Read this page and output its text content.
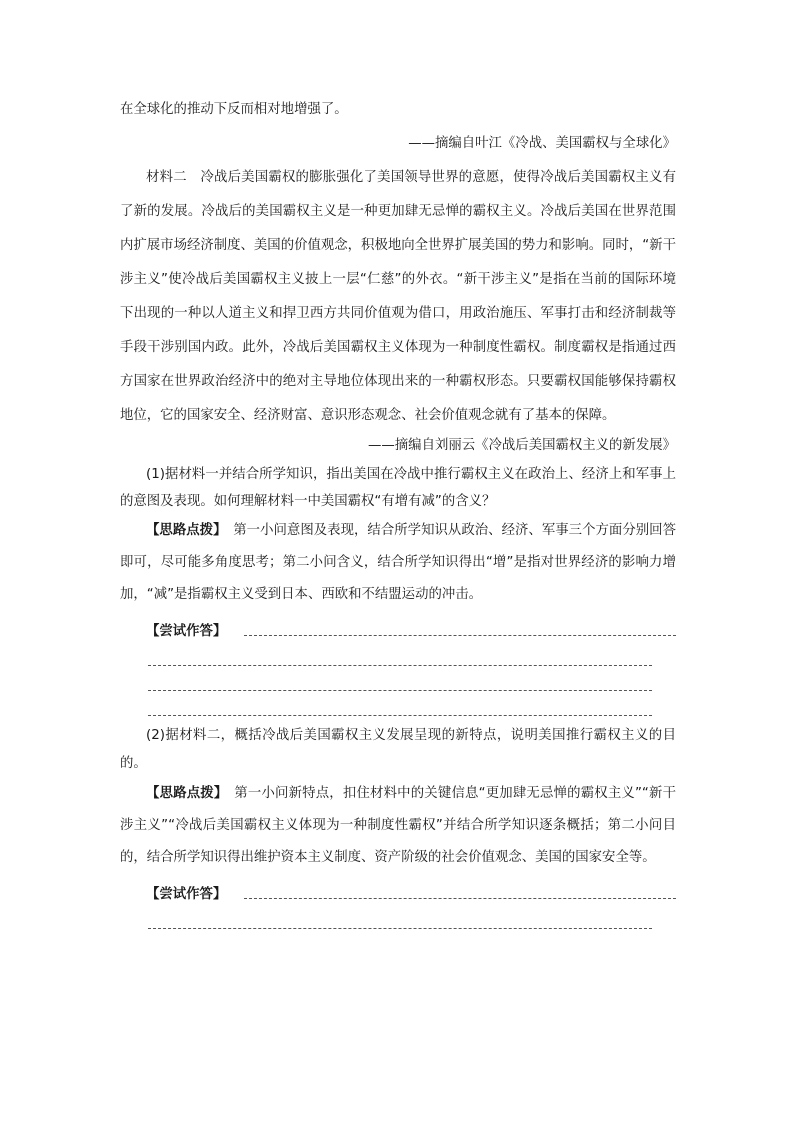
在全球化的推动下反而相对地增强了。

——摘编自叶江《冷战、美国霸权与全球化》

材料二　冷战后美国霸权的膨胀强化了美国领导世界的意愿，使得冷战后美国霸权主义有了新的发展。冷战后的美国霸权主义是一种更加肆无忌惮的霸权主义。冷战后美国在世界范围内扩展市场经济制度、美国的价值观念，积极地向全世界扩展美国的势力和影响。同时，“新干涉主义”使冷战后美国霸权主义披上一层“仁慈”的外衣。“新干涉主义”是指在当前的国际环境下出现的一种以人道主义和捍卫西方共同价值观为借口，用政治施压、军事打击和经济制裁等手段干涉别国内政。此外，冷战后美国霸权主义体现为一种制度性霸权。制度霸权是指通过西方国家在世界政治经济中的绝对主导地位体现出来的一种霸权形态。只要霸权国能够保持霸权地位，它的国家安全、经济财富、意识形态观念、社会价值观念就有了基本的保障。

——摘编自刘丽云《冷战后美国霸权主义的新发展》

(1)据材料一并结合所学知识，指出美国在冷战中推行霸权主义在政治上、经济上和军事上的意图及表现。如何理解材料一中美国霸权“有增有减”的含义？

【思路点拨】　第一小问意图及表现，结合所学知识从政治、经济、军事三个方面分别回答即可，尽可能多角度思考；第二小问含义，结合所学知识得出“增”是指对世界经济的影响力增加，“减”是指霸权主义受到日本、西欧和不结盟运动的冲击。

【尝试作答】

(2)据材料二，概括冷战后美国霸权主义发展呈现的新特点，说明美国推行霸权主义的目的。

【思路点拨】　第一小问新特点，扣住材料中的关键信息“更加肆无忌惮的霸权主义”“新干涉主义”“冷战后美国霸权主义体现为一种制度性霸权”并结合所学知识逐条概括；第二小问目的，结合所学知识得出维护资本主义制度、资产阶级的社会价值观念、美国的国家安全等。

【尝试作答】
